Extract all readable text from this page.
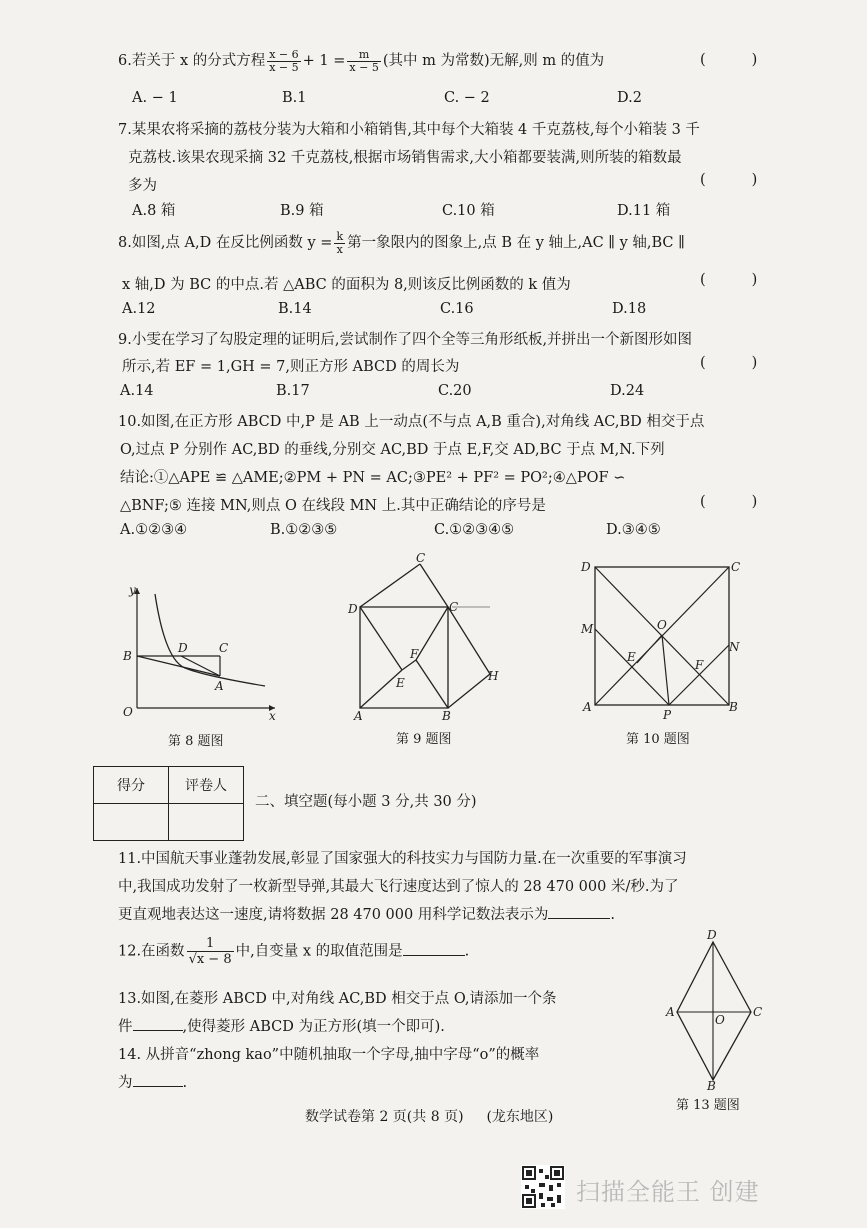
6.若关于 x 的分式方程 $\frac{x - 6}{x - 5} + 1 = \frac{m}{x - 5}$ (其中 m 为常数)无解,则 m 的值为	(	)
A. − 1	B.1	C. − 2	D.2
7.某果农将采摘的荔枝分装为大箱和小箱销售,其中每个大箱装 4 千克荔枝,每个小箱装 3 千
克荔枝.该果农现采摘 32 千克荔枝,根据市场销售需求,大小箱都要装满,则所装的箱数最
多为	(	)
A.8 箱	B.9 箱	C.10 箱	D.11 箱
8.如图,点 A,D 在反比例函数 $y = \frac{k}{x}$ 第一象限内的图象上,点 B 在 y 轴上,AC ∥ y 轴,BC ∥
x 轴,D 为 BC 的中点.若 △ABC 的面积为 8,则该反比例函数的 k 值为	(	)
A.12	B.14	C.16	D.18
9.小雯在学习了勾股定理的证明后,尝试制作了四个全等三角形纸板,并拼出一个新图形如图
所示,若 EF = 1,GH = 7,则正方形 ABCD 的周长为	(	)
A.14	B.17	C.20	D.24
10.如图,在正方形 ABCD 中,P 是 AB 上一动点(不与点 A,B 重合),对角线 AC,BD 相交于点
O,过点 P 分别作 AC,BD 的垂线,分别交 AC,BD 于点 E,F,交 AD,BC 于点 M,N.下列
结论:①△APE ≌ △AME;②PM + PN = AC;③PE² + PF² = PO²;④△POF ∽
△BNF;⑤ 连接 MN,则点 O 在线段 MN 上.其中正确结论的序号是	(	)
A.①②③④	B.①②③⑤	C.①②③④⑤	D.③④⑤
y
x
O
B
D	C
A
第 8 题图
C
D	C
F
E	H
A	B
第 9 题图
D	C
M	O
E
F
N
A
P
B
第 10 题图
得分	评卷人

二、填空题(每小题 3 分,共 30 分)
11.中国航天事业蓬勃发展,彰显了国家强大的科技实力与国防力量.在一次重要的军事演习
中,我国成功发射了一枚新型导弹,其最大飞行速度达到了惊人的 28 470 000 米/秒.为了
更直观地表达这一速度,请将数据 28 470 000 用科学记数法表示为	.
12.在函数 $\frac{1}{√x - 8}$ 中,自变量 x 的取值范围是	.
13.如图,在菱形 ABCD 中,对角线 AC,BD 相交于点 O,请添加一个条
件	,使得菱形 ABCD 为正方形(填一个即可).
14. 从拼音“zhong kao”中随机抽取一个字母,抽中字母“o”的概率
为	.
D
A	C
O
B
第 13 题图
数学试卷第 2 页(共 8 页) (龙东地区)
扫描全能王 创建
